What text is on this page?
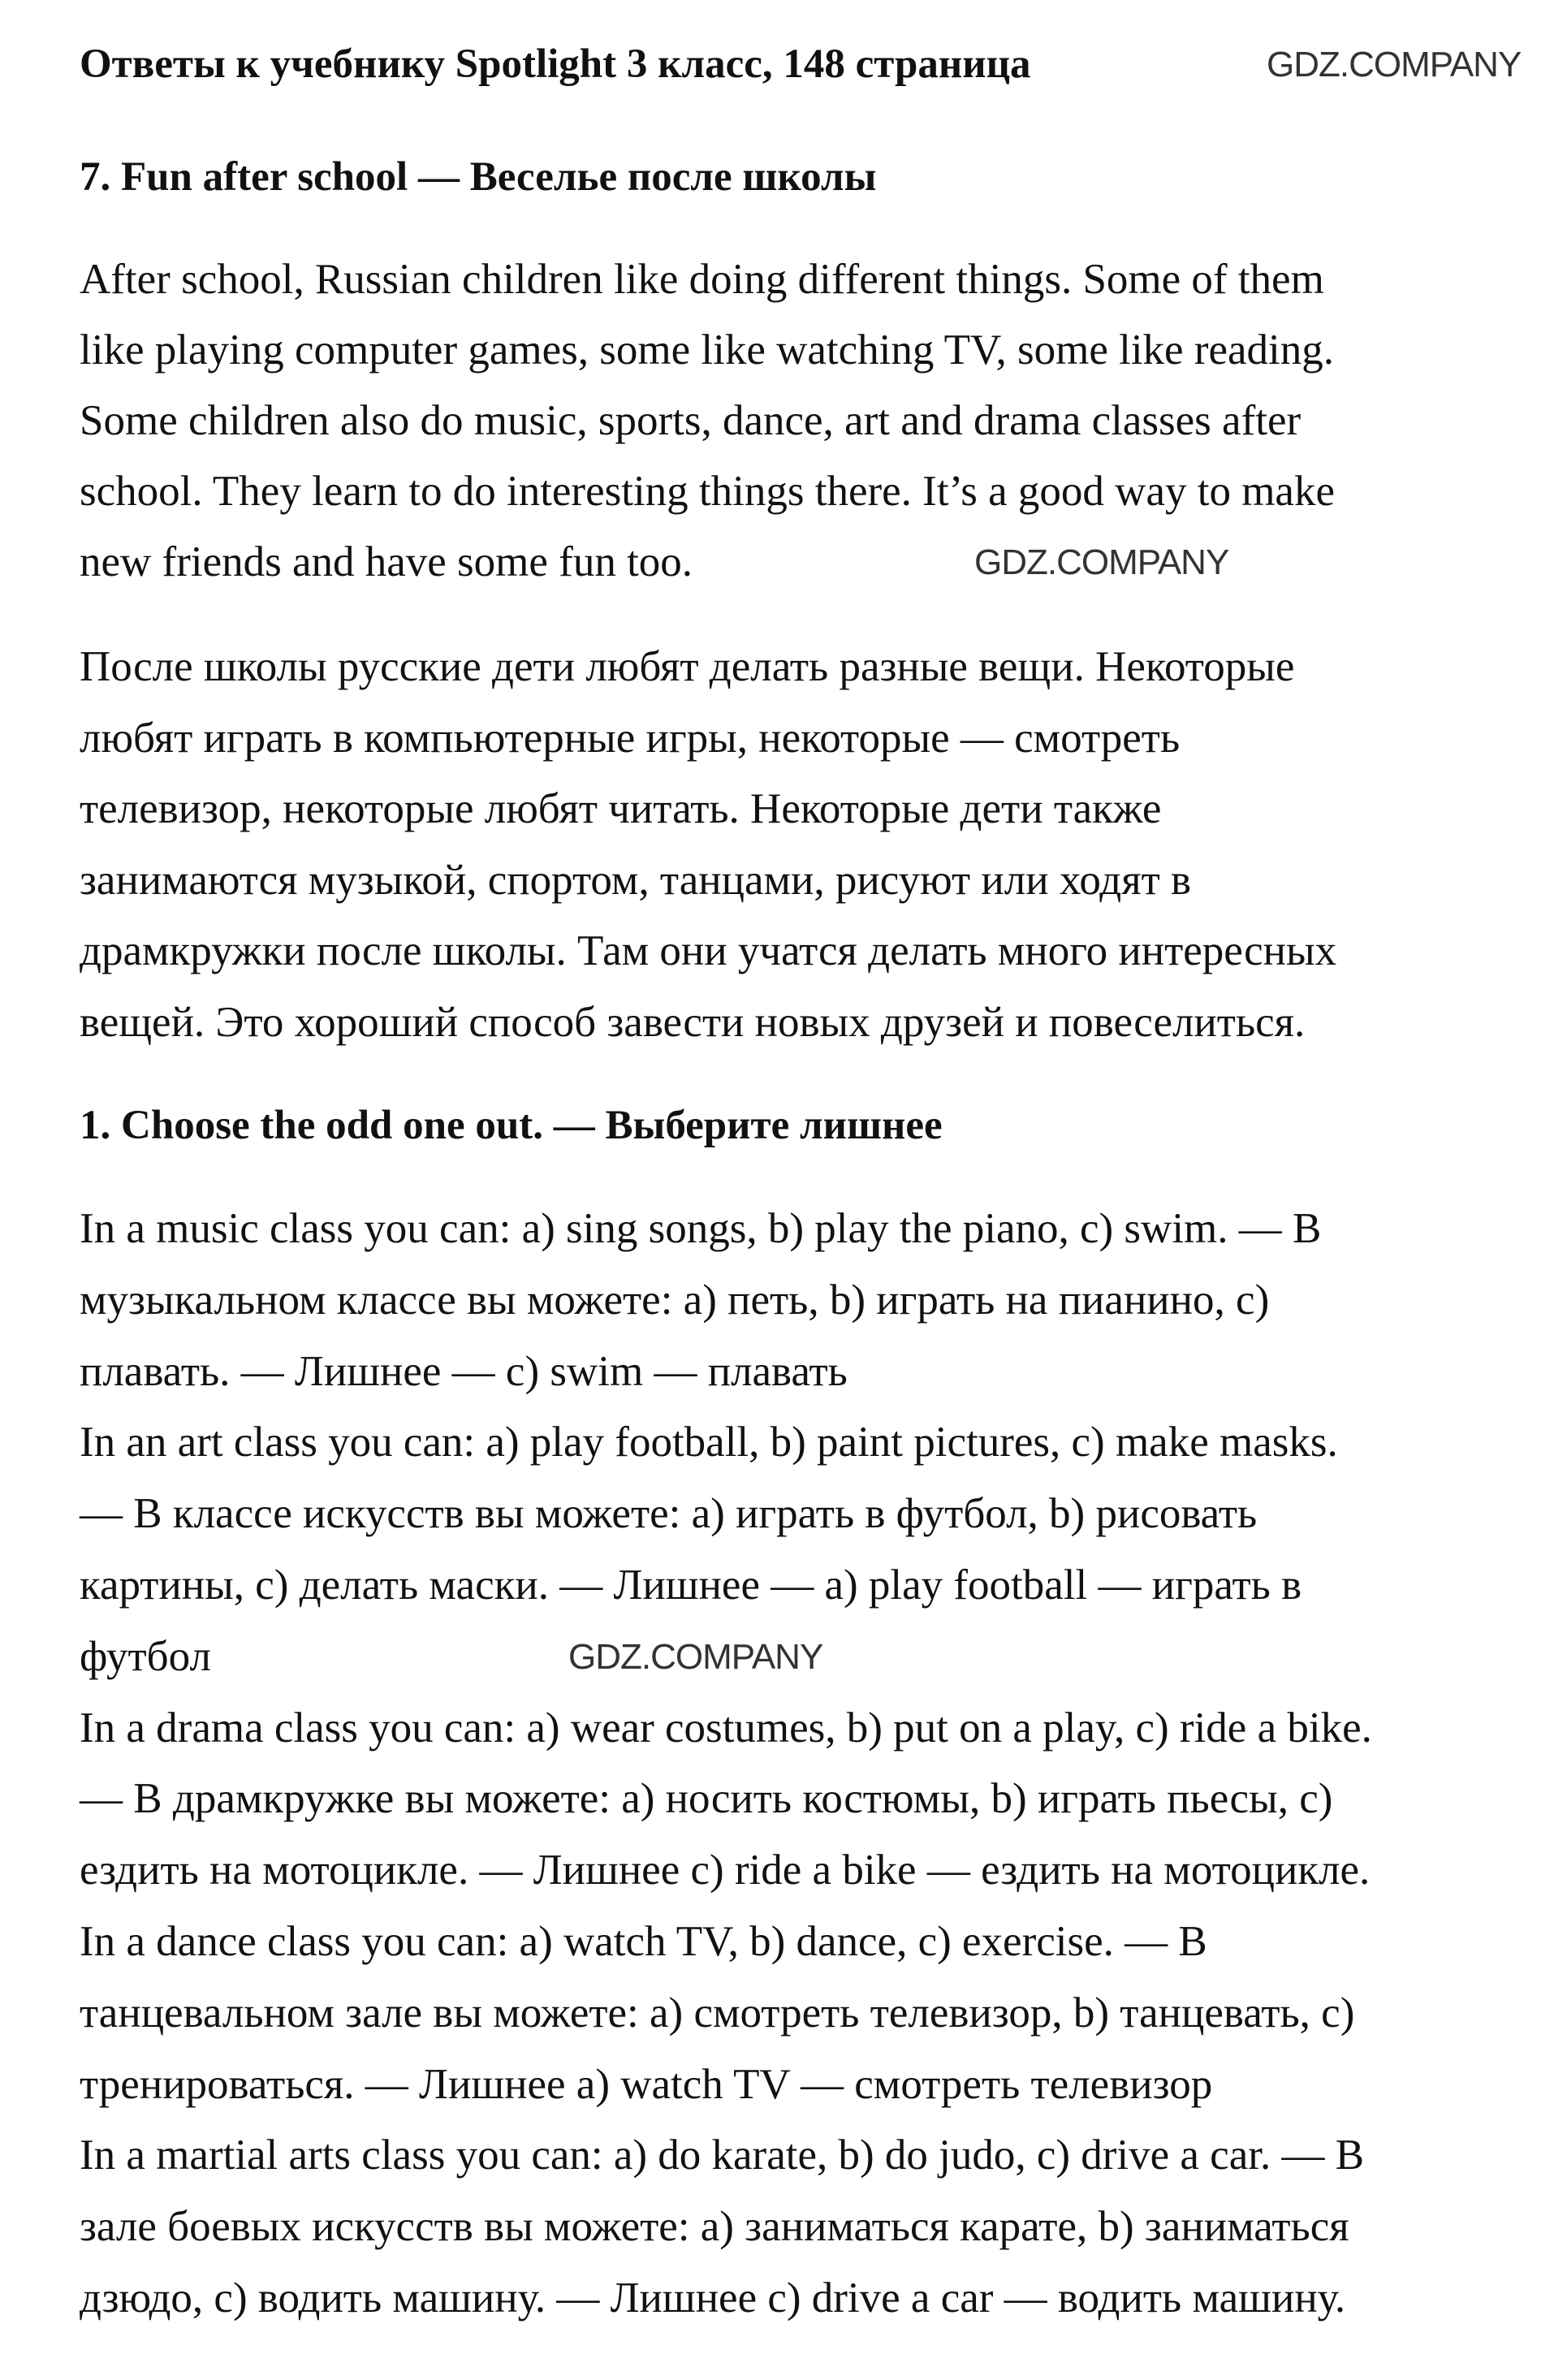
Ответы к учебнику Spotlight 3 класс, 148 страница	GDZ.COMPANY
7. Fun after school — Веселье после школы
After school, Russian children like doing different things. Some of them
like playing computer games, some like watching TV, some like reading.
Some children also do music, sports, dance, art and drama classes after
school. They learn to do interesting things there. It’s a good way to make
new friends and have some fun too.	GDZ.COMPANY
После школы русские дети любят делать разные вещи. Некоторые
любят играть в компьютерные игры, некоторые — смотреть
телевизор, некоторые любят читать. Некоторые дети также
занимаются музыкой, спортом, танцами, рисуют или ходят в
драмкружки после школы. Там они учатся делать много интересных
вещей. Это хороший способ завести новых друзей и повеселиться.
1. Choose the odd one out. — Выберите лишнее
In a music class you can: a) sing songs, b) play the piano, c) swim. — В
музыкальном классе вы можете: a) петь, b) играть на пианино, c)
плавать. — Лишнее — c) swim — плавать
In an art class you can: a) play football, b) paint pictures, c) make masks.
— В классе искусств вы можете: a) играть в футбол, b) рисовать
картины, c) делать маски. — Лишнее — a) play football — играть в
футбол
In a drama class you can: a) wear costumes, b) put on a play, c) ride a bike.
— В драмкружке вы можете: a) носить костюмы, b) играть пьесы, c)
ездить на мотоцикле. — Лишнее c) ride a bike — ездить на мотоцикле.
In a dance class you can: a) watch TV, b) dance, c) exercise. — В
танцевальном зале вы можете: a) смотреть телевизор, b) танцевать, c)
тренироваться. — Лишнее a) watch TV — смотреть телевизор
In a martial arts class you can: a) do karate, b) do judo, c) drive a car. — В
зале боевых искусств вы можете: a) заниматься карате, b) заниматься
дзюдо, c) водить машину. — Лишнее c) drive a car — водить машину.
GDZ.COMPANY
